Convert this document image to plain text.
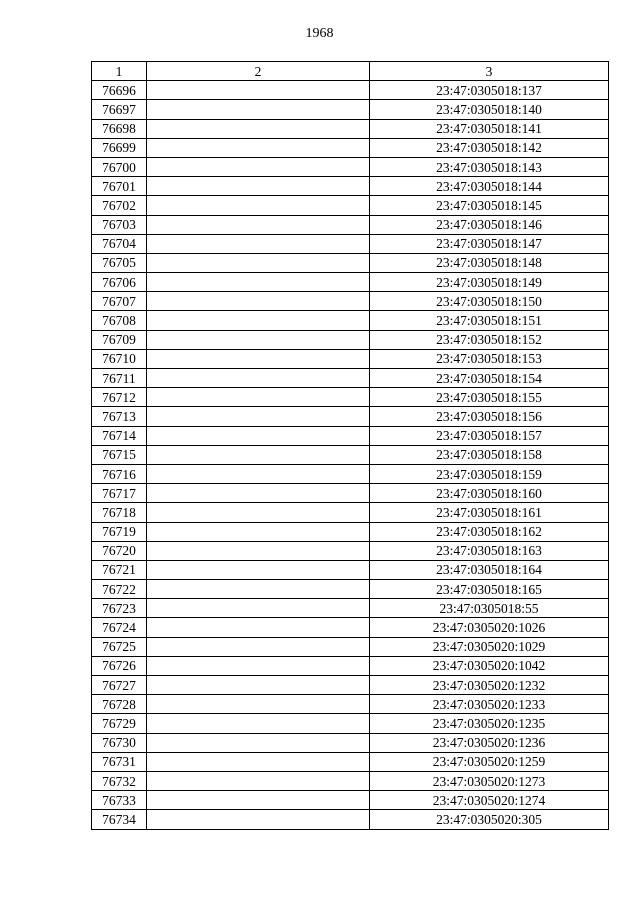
1968
1	2	3
76696		23:47:0305018:137
76697		23:47:0305018:140
76698		23:47:0305018:141
76699		23:47:0305018:142
76700		23:47:0305018:143
76701		23:47:0305018:144
76702		23:47:0305018:145
76703		23:47:0305018:146
76704		23:47:0305018:147
76705		23:47:0305018:148
76706		23:47:0305018:149
76707		23:47:0305018:150
76708		23:47:0305018:151
76709		23:47:0305018:152
76710		23:47:0305018:153
76711		23:47:0305018:154
76712		23:47:0305018:155
76713		23:47:0305018:156
76714		23:47:0305018:157
76715		23:47:0305018:158
76716		23:47:0305018:159
76717		23:47:0305018:160
76718		23:47:0305018:161
76719		23:47:0305018:162
76720		23:47:0305018:163
76721		23:47:0305018:164
76722		23:47:0305018:165
76723		23:47:0305018:55
76724		23:47:0305020:1026
76725		23:47:0305020:1029
76726		23:47:0305020:1042
76727		23:47:0305020:1232
76728		23:47:0305020:1233
76729		23:47:0305020:1235
76730		23:47:0305020:1236
76731		23:47:0305020:1259
76732		23:47:0305020:1273
76733		23:47:0305020:1274
76734		23:47:0305020:305
